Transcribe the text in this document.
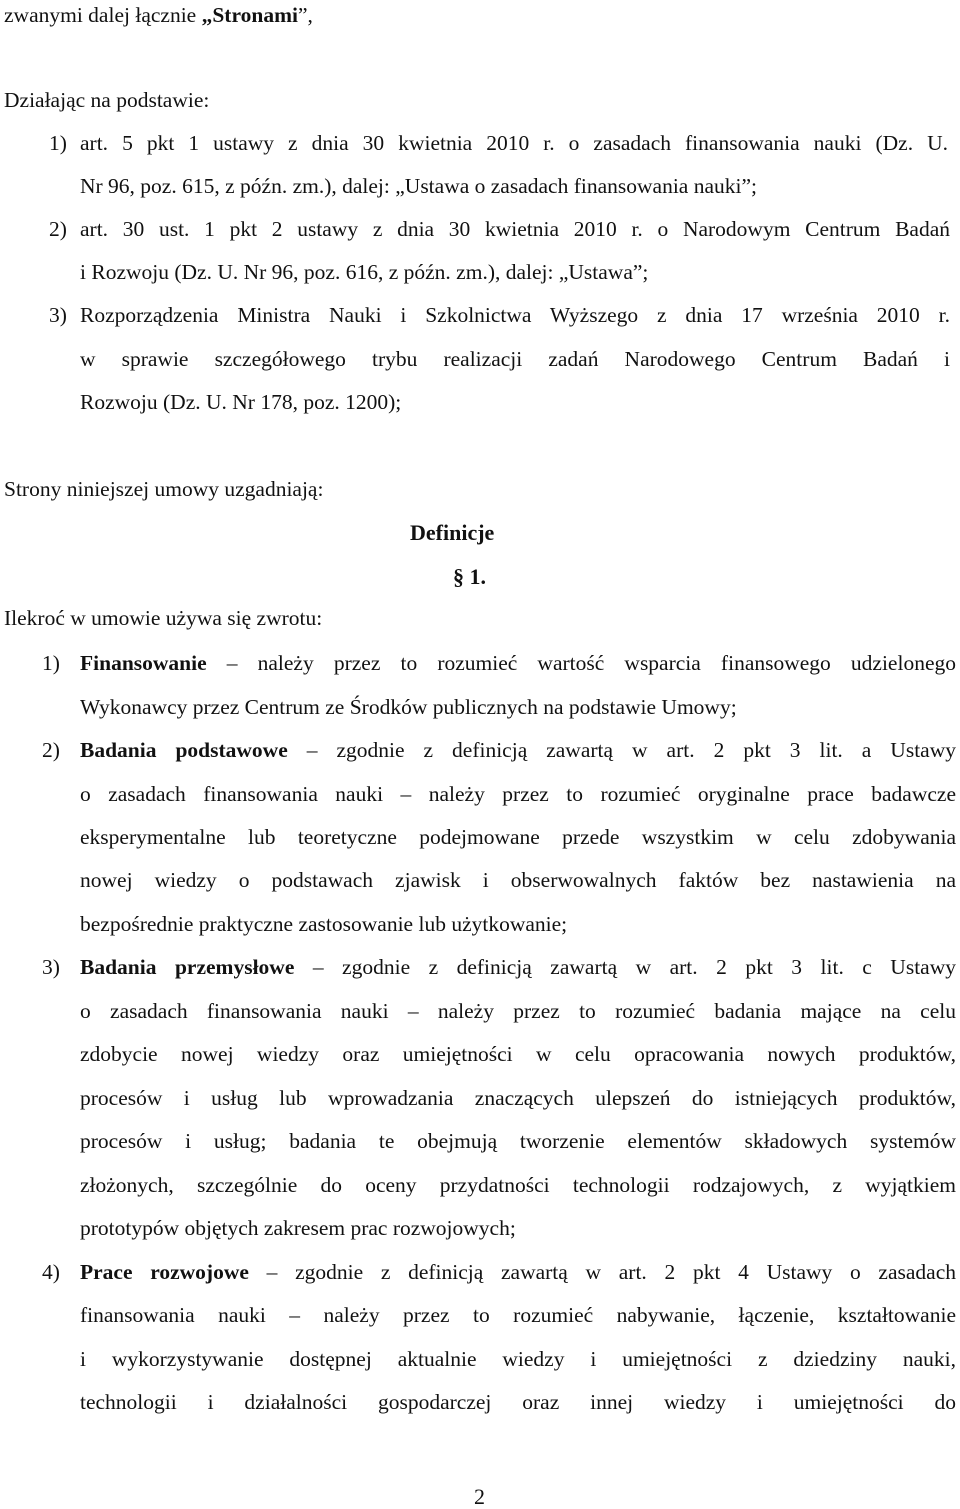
zwanymi dalej łącznie „Stronami”,
Działając na podstawie:
1) art. 5 pkt 1 ustawy z dnia 30 kwietnia 2010 r. o zasadach finansowania nauki (Dz. U.
Nr 96, poz. 615, z późn. zm.), dalej: „Ustawa o zasadach finansowania nauki”;
2) art. 30 ust. 1 pkt 2 ustawy z dnia 30 kwietnia 2010 r. o Narodowym Centrum Badań
i Rozwoju (Dz. U. Nr 96, poz. 616, z późn. zm.), dalej: „Ustawa”;
3) Rozporządzenia Ministra Nauki i Szkolnictwa Wyższego z dnia 17 września 2010 r.
w sprawie szczegółowego trybu realizacji zadań Narodowego Centrum Badań i
Rozwoju (Dz. U. Nr 178, poz. 1200);
Strony niniejszej umowy uzgadniają:
Definicje
§ 1.
Ilekroć w umowie używa się zwrotu:
1) Finansowanie – należy przez to rozumieć wartość wsparcia finansowego udzielonego
Wykonawcy przez Centrum ze Środków publicznych na podstawie Umowy;
2) Badania podstawowe – zgodnie z definicją zawartą w art. 2 pkt 3 lit. a Ustawy
o zasadach finansowania nauki – należy przez to rozumieć oryginalne prace badawcze
eksperymentalne lub teoretyczne podejmowane przede wszystkim w celu zdobywania
nowej wiedzy o podstawach zjawisk i obserwowalnych faktów bez nastawienia na
bezpośrednie praktyczne zastosowanie lub użytkowanie;
3) Badania przemysłowe – zgodnie z definicją zawartą w art. 2 pkt 3 lit. c Ustawy
o zasadach finansowania nauki – należy przez to rozumieć badania mające na celu
zdobycie nowej wiedzy oraz umiejętności w celu opracowania nowych produktów,
procesów i usług lub wprowadzania znaczących ulepszeń do istniejących produktów,
procesów i usług; badania te obejmują tworzenie elementów składowych systemów
złożonych, szczególnie do oceny przydatności technologii rodzajowych, z wyjątkiem
prototypów objętych zakresem prac rozwojowych;
4) Prace rozwojowe – zgodnie z definicją zawartą w art. 2 pkt 4 Ustawy o zasadach
finansowania nauki – należy przez to rozumieć nabywanie, łączenie, kształtowanie
i wykorzystywanie dostępnej aktualnie wiedzy i umiejętności z dziedziny nauki,
technologii i działalności gospodarczej oraz innej wiedzy i umiejętności do
2
